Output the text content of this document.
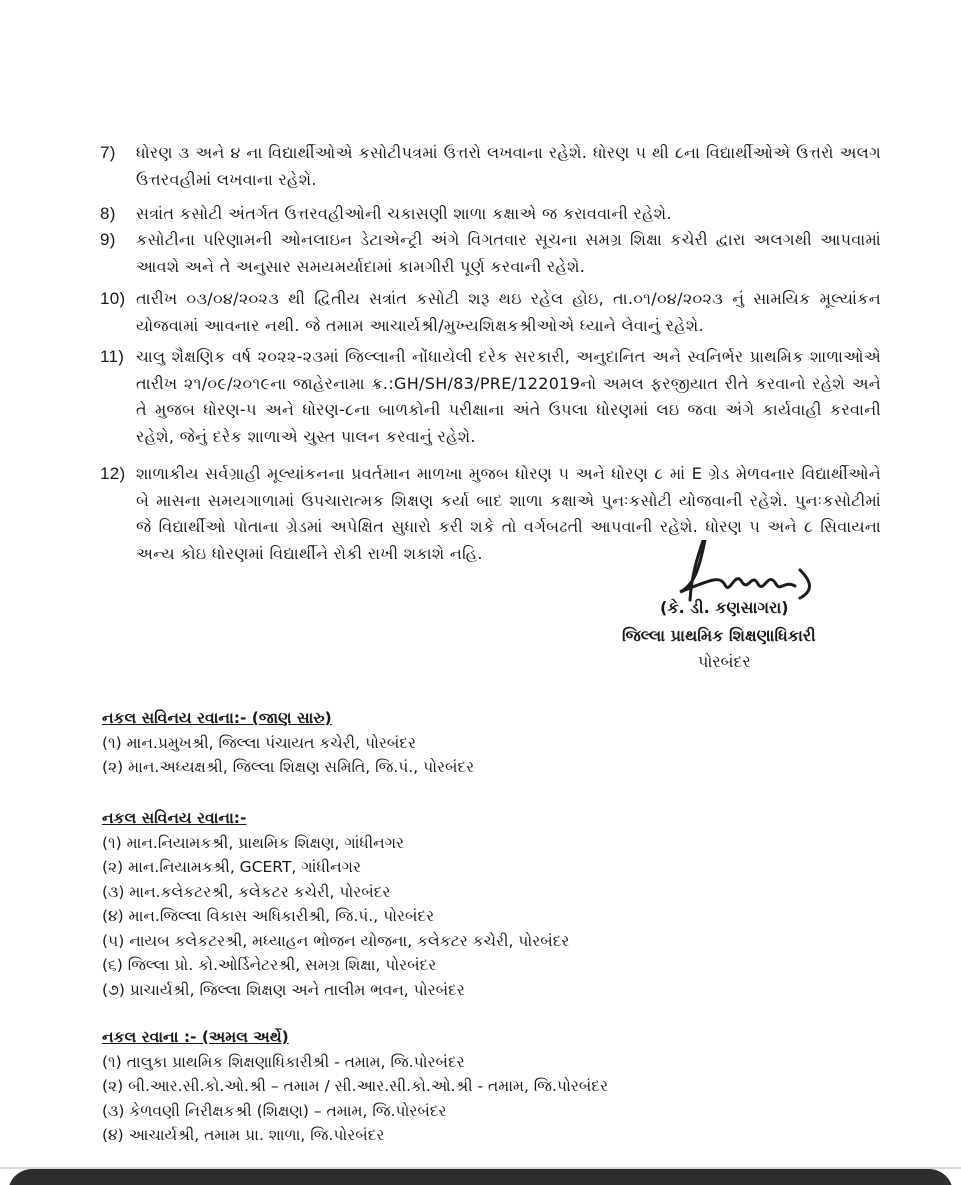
7)	ધોરણ ૩ અને ૪ ના વિદ્યાર્થીઓએ કસોટીપત્રમાં ઉત્તરો લખવાના રહેશે. ધોરણ ૫ થી ૮ના વિદ્યાર્થીઓએ ઉત્તરો અલગ ઉત્તરવહીમાં લખવાના રહેશે.
8)	સત્રાંત કસોટી અંતર્ગત ઉત્તરવહીઓની ચકાસણી શાળા કક્ષાએ જ કરાવવાની રહેશે.
9)	કસોટીના પરિણામની ઓનલાઇન ડેટાએન્ટ્રી અંગે વિગતવાર સૂચના સમગ્ર શિક્ષા કચેરી દ્વારા અલગથી આપવામાં આવશે અને તે અનુસાર સમયમર્યાદામાં કામગીરી પૂર્ણ કરવાની રહેશે.
10) તારીખ ૦૩/૦૪/૨૦૨૩ થી દ્વિતીય સત્રાંત કસોટી શરૂ થઇ રહેલ હોઇ, તા.૦૧/૦૪/૨૦૨૩ નું સામયિક મૂલ્યાંકન યોજવામાં આવનાર નથી. જે તમામ આચાર્યશ્રી/મુખ્યશિક્ષકશ્રીઓએ ધ્યાને લેવાનું રહેશે.
11) ચાલુ શૈક્ષણિક વર્ષ ૨૦૨૨-૨૩માં જિલ્લાની નોંધાયેલી દરેક સરકારી, અનુદાનિત અને સ્વનિર્ભર પ્રાથમિક શાળાઓએ તારીખ ૨૧/૦૯/૨૦૧૯ના જાહેરનામા ક્ર.:GH/SH/83/PRE/122019નો અમલ ફરજીયાત રીતે કરવાનો રહેશે અને તે મુજબ ધોરણ-૫ અને ધોરણ-૮ના બાળકોની પરીક્ષાના અંતે ઉપલા ધોરણમાં લઇ જવા અંગે કાર્યવાહી કરવાની રહેશે, જેનું દરેક શાળાએ ચુસ્ત પાલન કરવાનું રહેશે.
12) શાળાકીય સર્વગ્રાહી મૂલ્યાંકનના પ્રવર્તમાન માળખા મુજબ ધોરણ ૫ અને ધોરણ ૮ માં E ગ્રેડ મેળવનાર વિદ્યાર્થીઓને બે માસના સમયગાળામાં ઉપચારાત્મક શિક્ષણ કર્યા બાદ શાળા કક્ષાએ પુનઃકસોટી યોજવાની રહેશે. પુનઃકસોટીમાં જે વિદ્યાર્થીઓ પોતાના ગ્રેડમાં અપેક્ષિત સુધારો કરી શકે તો વર્ગબઢતી આપવાની રહેશે. ધોરણ ૫ અને ૮ સિવાયના અન્ય કોઇ ધોરણમાં વિદ્યાર્થીને રોકી રાખી શકાશે નહિ.
(કે. ડી. કણસાગરા)
જિલ્લા પ્રાથમિક શિક્ષણાધિકારી
પોરબંદર
નકલ સવિનય રવાના:- (જાણ સારુ)
(૧) માન.પ્રમુખશ્રી, જિલ્લા પંચાયત કચેરી, પોરબંદર
(૨) માન.અધ્યક્ષશ્રી, જિલ્લા શિક્ષણ સમિતિ, જિ.પં., પોરબંદર
નકલ સવિનય રવાના:-
(૧) માન.નિયામકશ્રી, પ્રાથમિક શિક્ષણ, ગાંધીનગર
(૨) માન.નિયામકશ્રી, GCERT, ગાંધીનગર
(૩) માન.કલેકટરશ્રી, કલેકટર કચેરી, પોરબંદર
(૪) માન.જિલ્લા વિકાસ અધિકારીશ્રી, જિ.પં., પોરબંદર
(૫) નાયબ કલેકટરશ્રી, મધ્યાહન ભોજન યોજના, કલેકટર કચેરી, પોરબંદર
(૬) જિલ્લા પ્રો. કો.ઓર્ડિનેટરશ્રી, સમગ્ર શિક્ષા, પોરબંદર
(૭) પ્રાચાર્યશ્રી, જિલ્લા શિક્ષણ અને તાલીમ ભવન, પોરબંદર
નકલ રવાના :- (અમલ અર્થે)
(૧) તાલુકા પ્રાથમિક શિક્ષણાધિકારીશ્રી - તમામ, જિ.પોરબંદર
(૨) બી.આર.સી.કો.ઓ.શ્રી – તમામ / સી.આર.સી.કો.ઓ.શ્રી - તમામ, જિ.પોરબંદર
(૩) કેળવણી નિરીક્ષકશ્રી (શિક્ષણ) – તમામ, જિ.પોરબંદર
(૪) આચાર્યશ્રી, તમામ પ્રા. શાળા, જિ.પોરબંદર
